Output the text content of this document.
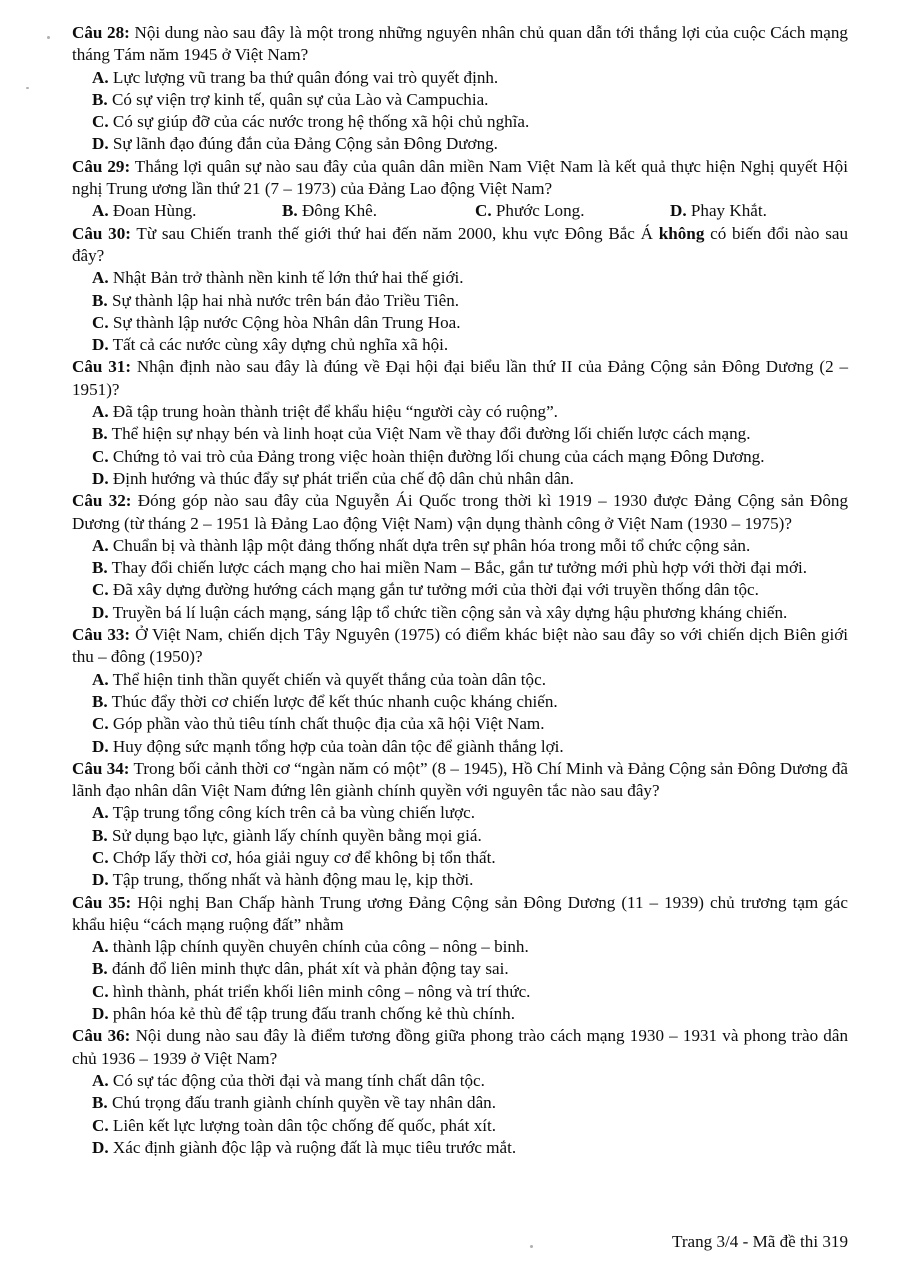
Câu 28: Nội dung nào sau đây là một trong những nguyên nhân chủ quan dẫn tới thắng lợi của cuộc Cách mạng tháng Tám năm 1945 ở Việt Nam?

A. Lực lượng vũ trang ba thứ quân đóng vai trò quyết định.
B. Có sự viện trợ kinh tế, quân sự của Lào và Campuchia.
C. Có sự giúp đỡ của các nước trong hệ thống xã hội chủ nghĩa.
D. Sự lãnh đạo đúng đắn của Đảng Cộng sản Đông Dương.

Câu 29: Thắng lợi quân sự nào sau đây của quân dân miền Nam Việt Nam là kết quả thực hiện Nghị quyết Hội nghị Trung ương lần thứ 21 (7 – 1973) của Đảng Lao động Việt Nam?

A. Đoan Hùng.	B. Đông Khê.	C. Phước Long.	D. Phay Khắt.

Câu 30: Từ sau Chiến tranh thế giới thứ hai đến năm 2000, khu vực Đông Bắc Á không có biến đổi nào sau đây?

A. Nhật Bản trở thành nền kinh tế lớn thứ hai thế giới.
B. Sự thành lập hai nhà nước trên bán đảo Triều Tiên.
C. Sự thành lập nước Cộng hòa Nhân dân Trung Hoa.
D. Tất cả các nước cùng xây dựng chủ nghĩa xã hội.

Câu 31: Nhận định nào sau đây là đúng về Đại hội đại biểu lần thứ II của Đảng Cộng sản Đông Dương (2 – 1951)?

A. Đã tập trung hoàn thành triệt để khẩu hiệu “người cày có ruộng”.
B. Thể hiện sự nhạy bén và linh hoạt của Việt Nam về thay đổi đường lối chiến lược cách mạng.
C. Chứng tỏ vai trò của Đảng trong việc hoàn thiện đường lối chung của cách mạng Đông Dương.
D. Định hướng và thúc đẩy sự phát triển của chế độ dân chủ nhân dân.

Câu 32: Đóng góp nào sau đây của Nguyễn Ái Quốc trong thời kì 1919 – 1930 được Đảng Cộng sản Đông Dương (từ tháng 2 – 1951 là Đảng Lao động Việt Nam) vận dụng thành công ở Việt Nam (1930 – 1975)?

A. Chuẩn bị và thành lập một đảng thống nhất dựa trên sự phân hóa trong mỗi tổ chức cộng sản.
B. Thay đổi chiến lược cách mạng cho hai miền Nam – Bắc, gắn tư tưởng mới phù hợp với thời đại mới.
C. Đã xây dựng đường hướng cách mạng gắn tư tưởng mới của thời đại với truyền thống dân tộc.
D. Truyền bá lí luận cách mạng, sáng lập tổ chức tiền cộng sản và xây dựng hậu phương kháng chiến.

Câu 33: Ở Việt Nam, chiến dịch Tây Nguyên (1975) có điểm khác biệt nào sau đây so với chiến dịch Biên giới thu – đông (1950)?

A. Thể hiện tinh thần quyết chiến và quyết thắng của toàn dân tộc.
B. Thúc đẩy thời cơ chiến lược để kết thúc nhanh cuộc kháng chiến.
C. Góp phần vào thủ tiêu tính chất thuộc địa của xã hội Việt Nam.
D. Huy động sức mạnh tổng hợp của toàn dân tộc để giành thắng lợi.

Câu 34: Trong bối cảnh thời cơ “ngàn năm có một” (8 – 1945), Hồ Chí Minh và Đảng Cộng sản Đông Dương đã lãnh đạo nhân dân Việt Nam đứng lên giành chính quyền với nguyên tắc nào sau đây?

A. Tập trung tổng công kích trên cả ba vùng chiến lược.
B. Sử dụng bạo lực, giành lấy chính quyền bằng mọi giá.
C. Chớp lấy thời cơ, hóa giải nguy cơ để không bị tổn thất.
D. Tập trung, thống nhất và hành động mau lẹ, kịp thời.

Câu 35: Hội nghị Ban Chấp hành Trung ương Đảng Cộng sản Đông Dương (11 – 1939) chủ trương tạm gác khẩu hiệu “cách mạng ruộng đất” nhằm

A. thành lập chính quyền chuyên chính của công – nông – binh.
B. đánh đổ liên minh thực dân, phát xít và phản động tay sai.
C. hình thành, phát triển khối liên minh công – nông và trí thức.
D. phân hóa kẻ thù để tập trung đấu tranh chống kẻ thù chính.

Câu 36: Nội dung nào sau đây là điểm tương đồng giữa phong trào cách mạng 1930 – 1931 và phong trào dân chủ 1936 – 1939 ở Việt Nam?

A. Có sự tác động của thời đại và mang tính chất dân tộc.
B. Chú trọng đấu tranh giành chính quyền về tay nhân dân.
C. Liên kết lực lượng toàn dân tộc chống đế quốc, phát xít.
D. Xác định giành độc lập và ruộng đất là mục tiêu trước mắt.
Trang 3/4 - Mã đề thi 319
